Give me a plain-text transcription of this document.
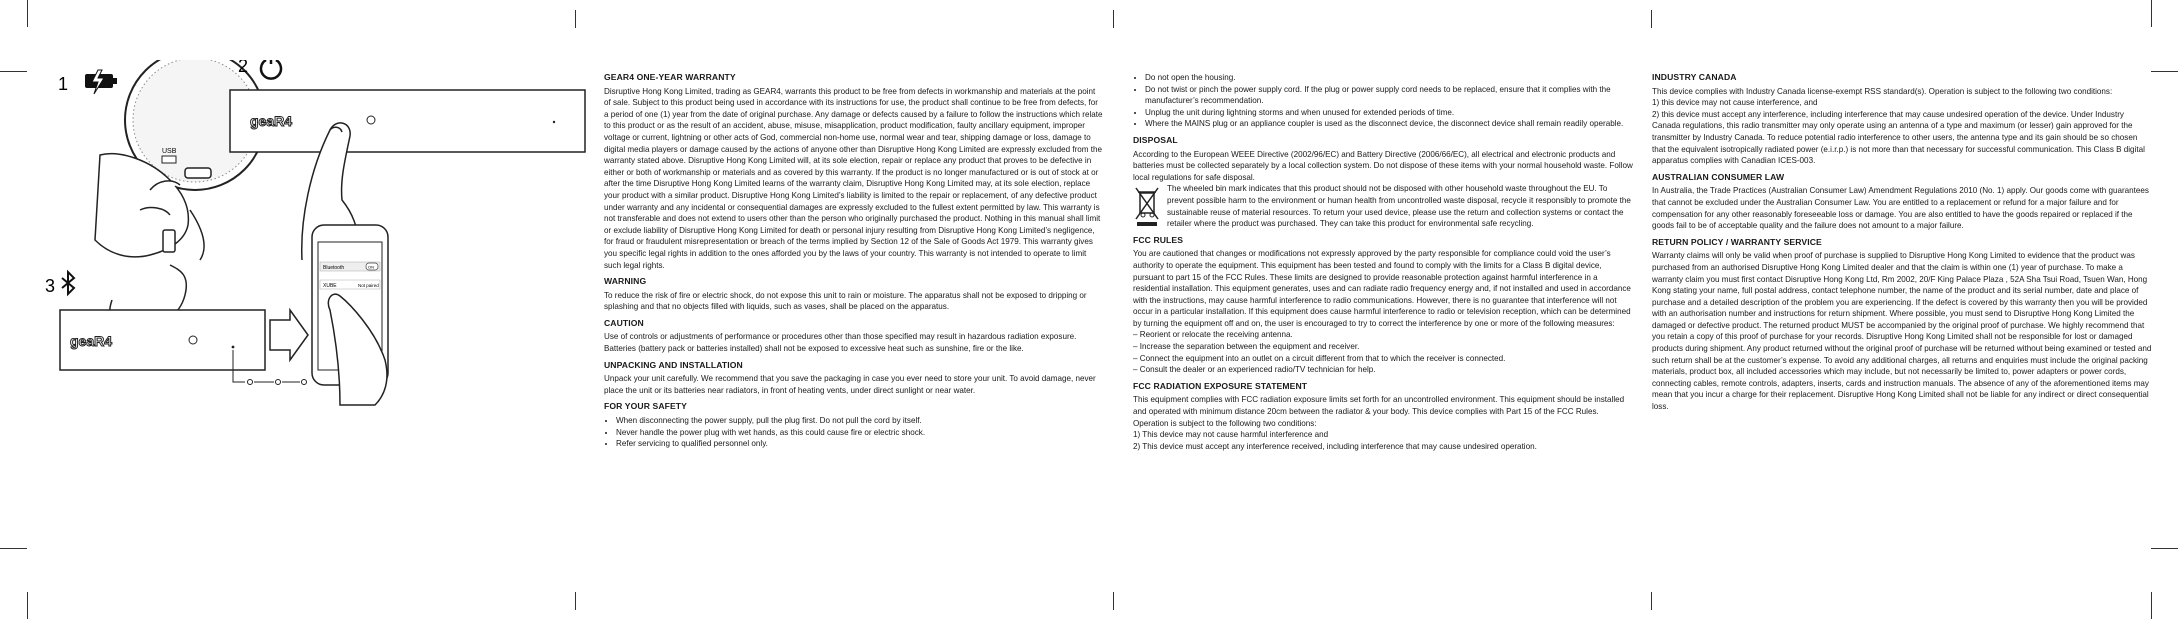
1
USB
2
geaR4
3
geaR4
Bluetooth	ON
XUBE	Not paired
GEAR4 ONE-YEAR WARRANTY

Disruptive Hong Kong Limited, trading as GEAR4, warrants this product to be free from defects in workmanship and materials at the point of sale. Subject to this product being used in accordance with its instructions for use, the product shall continue to be free from defects, for a period of one (1) year from the date of original purchase. Any damage or defects caused by a failure to follow the instructions which relate to this product or as the result of an accident, abuse, misuse, misapplication, product modification, faulty ancillary equipment, improper voltage or current, lightning or other acts of God, commercial non-home use, normal wear and tear, shipping damage or loss, damage to digital media players or damage caused by the actions of anyone other than Disruptive Hong Kong Limited are expressly excluded from the warranty stated above. Disruptive Hong Kong Limited will, at its sole election, repair or replace any product that proves to be defective in either or both of workmanship or materials and as covered by this warranty. If the product is no longer manufactured or is out of stock at or after the time Disruptive Hong Kong Limited learns of the warranty claim, Disruptive Hong Kong Limited may, at its sole election, replace your product with a similar product. Disruptive Hong Kong Limited’s liability is limited to the repair or replacement, of any defective product under warranty and any incidental or consequential damages are expressly excluded to the fullest extent permitted by law. This warranty is not transferable and does not extend to users other than the person who originally purchased the product. Nothing in this manual shall limit or exclude liability of Disruptive Hong Kong Limited for death or personal injury resulting from Disruptive Hong Kong Limited’s negligence, for fraud or fraudulent misrepresentation or breach of the terms implied by Section 12 of the Sale of Goods Act 1979. This warranty gives you specific legal rights in addition to the ones afforded you by the laws of your country. This warranty is not intended to operate to limit such legal rights.

WARNING

To reduce the risk of fire or electric shock, do not expose this unit to rain or moisture. The apparatus shall not be exposed to dripping or splashing and that no objects filled with liquids, such as vases, shall be placed on the apparatus.

CAUTION

Use of controls or adjustments of performance or procedures other than those specified may result in hazardous radiation exposure. Batteries (battery pack or batteries installed) shall not be exposed to excessive heat such as sunshine, fire or the like.

UNPACKING AND INSTALLATION

Unpack your unit carefully. We recommend that you save the packaging in case you ever need to store your unit. To avoid damage, never place the unit or its batteries near radiators, in front of heating vents, under direct sunlight or near water.

FOR YOUR SAFETY
• When disconnecting the power supply, pull the plug first. Do not pull the cord by itself.
• Never handle the power plug with wet hands, as this could cause fire or electric shock.
• Refer servicing to qualified personnel only.
• Do not open the housing.
• Do not twist or pinch the power supply cord. If the plug or power supply cord needs to be replaced, ensure that it complies with the manufacturer’s recommendation.
• Unplug the unit during lightning storms and when unused for extended periods of time.
• Where the MAINS plug or an appliance coupler is used as the disconnect device, the disconnect device shall remain readily operable.
DISPOSAL

According to the European WEEE Directive (2002/96/EC) and Battery Directive (2006/66/EC), all electrical and electronic products and batteries must be collected separately by a local collection system. Do not dispose of these items with your normal household waste. Follow local regulations for safe disposal.

The wheeled bin mark indicates that this product should not be disposed with other household waste throughout the EU. To prevent possible harm to the environment or human health from uncontrolled waste disposal, recycle it responsibly to promote the sustainable reuse of material resources. To return your used device, please use the return and collection systems or contact the retailer where the product was purchased. They can take this product for environmental safe recycling.

FCC RULES

You are cautioned that changes or modifications not expressly approved by the party responsible for compliance could void the user’s authority to operate the equipment. This equipment has been tested and found to comply with the limits for a Class B digital device, pursuant to part 15 of the FCC Rules. These limits are designed to provide reasonable protection against harmful interference in a residential installation. This equipment generates, uses and can radiate radio frequency energy and, if not installed and used in accordance with the instructions, may cause harmful interference to radio communications. However, there is no guarantee that interference will not occur in a particular installation. If this equipment does cause harmful interference to radio or television reception, which can be determined by turning the equipment off and on, the user is encouraged to try to correct the interference by one or more of the following measures:

– Reorient or relocate the receiving antenna.

– Increase the separation between the equipment and receiver.

– Connect the equipment into an outlet on a circuit different from that to which the receiver is connected.

– Consult the dealer or an experienced radio/TV technician for help.

FCC RADIATION EXPOSURE STATEMENT

This equipment complies with FCC radiation exposure limits set forth for an uncontrolled environment. This equipment should be installed and operated with minimum distance 20cm between the radiator & your body. This device complies with Part 15 of the FCC Rules. Operation is subject to the following two conditions:

1) This device may not cause harmful interference and

2) This device must accept any interference received, including interference that may cause undesired operation.

INDUSTRY CANADA

This device complies with Industry Canada license-exempt RSS standard(s). Operation is subject to the following two conditions:

1) this device may not cause interference, and

2) this device must accept any interference, including interference that may cause undesired operation of the device. Under Industry Canada regulations, this radio transmitter may only operate using an antenna of a type and maximum (or lesser) gain approved for the transmitter by Industry Canada. To reduce potential radio interference to other users, the antenna type and its gain should be so chosen that the equivalent isotropically radiated power (e.i.r.p.) is not more than that necessary for successful communication. This Class B digital apparatus complies with Canadian ICES-003.

AUSTRALIAN CONSUMER LAW

In Australia, the Trade Practices (Australian Consumer Law) Amendment Regulations 2010 (No. 1) apply. Our goods come with guarantees that cannot be excluded under the Australian Consumer Law. You are entitled to a replacement or refund for a major failure and for compensation for any other reasonably foreseeable loss or damage. You are also entitled to have the goods repaired or replaced if the goods fail to be of acceptable quality and the failure does not amount to a major failure.

RETURN POLICY / WARRANTY SERVICE

Warranty claims will only be valid when proof of purchase is supplied to Disruptive Hong Kong Limited to evidence that the product was purchased from an authorised Disruptive Hong Kong Limited dealer and that the claim is within one (1) year of purchase. To make a warranty claim you must first contact Disruptive Hong Kong Ltd, Rm 2002, 20/F King Palace Plaza , 52A Sha Tsui Road, Tsuen Wan, Hong Kong stating your name, full postal address, contact telephone number, the name of the product and its serial number, date and place of purchase and a detailed description of the problem you are experiencing. If the defect is covered by this warranty then you will be provided with an authorisation number and instructions for return shipment. Where possible, you must send to Disruptive Hong Kong Limited the damaged or defective product. The returned product MUST be accompanied by the original proof of purchase. We highly recommend that you retain a copy of this proof of purchase for your records. Disruptive Hong Kong Limited shall not be responsible for lost or damaged products during shipment. Any product returned without the original proof of purchase will be returned without being examined or tested and such return shall be at the customer’s expense. To avoid any additional charges, all returns and enquiries must include the original packing materials, product box, all included accessories which may include, but not necessarily be limited to, power adapters or power cords, connecting cables, remote controls, adapters, inserts, cards and instruction manuals. The absence of any of the aforementioned items may mean that you incur a charge for their replacement. Disruptive Hong Kong Limited shall not be liable for any indirect or direct consequential loss.
